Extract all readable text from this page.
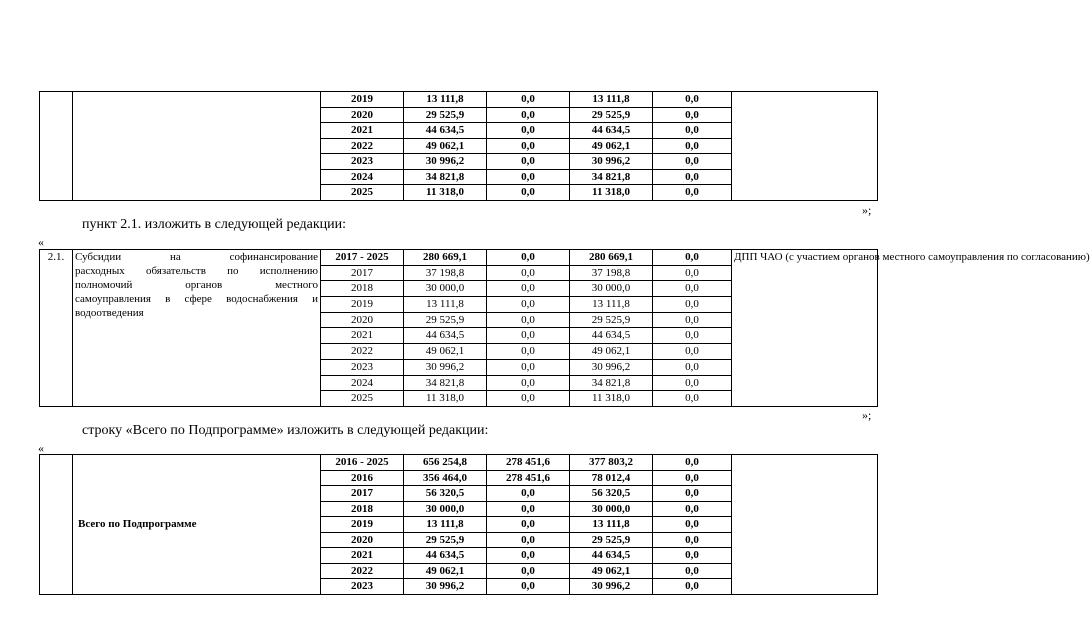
		2019	13 111,8	0,0	13 111,8	0,0	
		2020	29 525,9	0,0	29 525,9	0,0	
		2021	44 634,5	0,0	44 634,5	0,0	
		2022	49 062,1	0,0	49 062,1	0,0	
		2023	30 996,2	0,0	30 996,2	0,0	
		2024	34 821,8	0,0	34 821,8	0,0	
		2025	11 318,0	0,0	11 318,0	0,0	
»;
пункт 2.1. изложить в следующей редакции:
«
2.1.	Субсидии на софинансирование
расходных обязательств по исполнению
полномочий органов местного
самоуправления в сфере водоснабжения и
водоотведения	2017 - 2025	280 669,1	0,0	280 669,1	0,0	ДПП ЧАО (с участием органов местного самоуправления по согласованию)
		2017	37 198,8	0,0	37 198,8	0,0	
		2018	30 000,0	0,0	30 000,0	0,0	
		2019	13 111,8	0,0	13 111,8	0,0	
		2020	29 525,9	0,0	29 525,9	0,0	
		2021	44 634,5	0,0	44 634,5	0,0	
		2022	49 062,1	0,0	49 062,1	0,0	
		2023	30 996,2	0,0	30 996,2	0,0	
		2024	34 821,8	0,0	34 821,8	0,0	
		2025	11 318,0	0,0	11 318,0	0,0	
»;
строку «Всего по Подпрограмме» изложить в следующей редакции:
«
	Всего по Подпрограмме	2016 - 2025	656 254,8	278 451,6	377 803,2	0,0	
		2016	356 464,0	278 451,6	78 012,4	0,0	
		2017	56 320,5	0,0	56 320,5	0,0	
		2018	30 000,0	0,0	30 000,0	0,0	
		2019	13 111,8	0,0	13 111,8	0,0	
		2020	29 525,9	0,0	29 525,9	0,0	
		2021	44 634,5	0,0	44 634,5	0,0	
		2022	49 062,1	0,0	49 062,1	0,0	
		2023	30 996,2	0,0	30 996,2	0,0	
